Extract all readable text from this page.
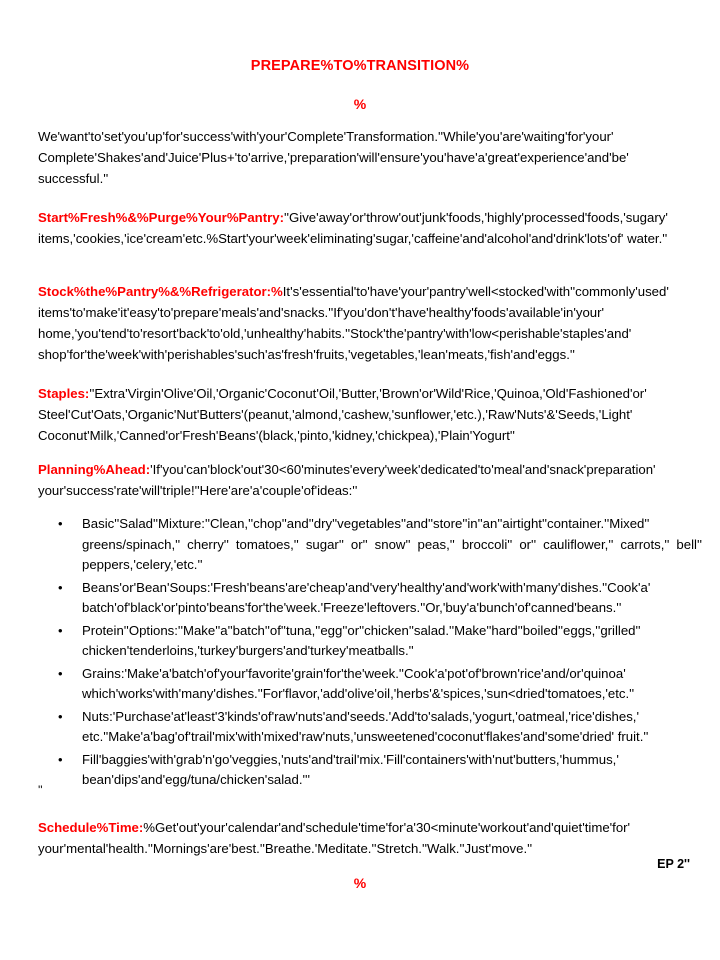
PREPARE%TO%TRANSITION%
%
We'want'to'set'you'up'for'success'with'your'Complete'Transformation.''While'you'are'waiting'for'your' Complete'Shakes'and'Juice'Plus+'to'arrive,'preparation'will'ensure'you'have'a'great'experience'and'be' successful.''
Start%Fresh%&%Purge%Your%Pantry:''Give'away'or'throw'out'junk'foods,'highly'processed'foods,'sugary' items,'cookies,'ice'cream'etc.%Start'your'week'eliminating'sugar,'caffeine'and'alcohol'and'drink'lots'of' water.''
Stock%the%Pantry%&%Refrigerator:%It's'essential'to'have'your'pantry'well<stocked'with''commonly'used' items'to'make'it'easy'to'prepare'meals'and'snacks.''If'you'don't'have'healthy'foods'available'in'your' home,'you'tend'to'resort'back'to'old,'unhealthy'habits.''Stock'the'pantry'with'low<perishable'staples'and' shop'for'the'week'with'perishables'such'as'fresh'fruits,'vegetables,'lean'meats,'fish'and'eggs.''
Staples:''Extra'Virgin'Olive'Oil,'Organic'Coconut'Oil,'Butter,'Brown'or'Wild'Rice,'Quinoa,'Old'Fashioned'or' Steel'Cut'Oats,'Organic'Nut'Butters'(peanut,'almond,'cashew,'sunflower,'etc.),'Raw'Nuts'&'Seeds,'Light' Coconut'Milk,'Canned'or'Fresh'Beans'(black,'pinto,'kidney,'chickpea),'Plain'Yogurt''
Planning%Ahead:'If'you'can'block'out'30<60'minutes'every'week'dedicated'to'meal'and'snack'preparation' your'success'rate'will'triple!''Here'are'a'couple'of'ideas:''
• Basic''Salad''Mixture:''Clean,''chop''and''dry''vegetables''and''store''in''an''airtight''container.''Mixed'' greens/spinach,'' cherry'' tomatoes,'' sugar'' or'' snow'' peas,'' broccoli'' or'' cauliflower,'' carrots,'' bell'' peppers,'celery,'etc.''
• Beans'or'Bean'Soups:'Fresh'beans'are'cheap'and'very'healthy'and'work'with'many'dishes.''Cook'a' batch'of'black'or'pinto'beans'for'the'week.'Freeze'leftovers.''Or,'buy'a'bunch'of'canned'beans.''
• Protein''Options:''Make''a''batch''of''tuna,''egg''or''chicken''salad.''Make''hard''boiled''eggs,''grilled'' chicken'tenderloins,'turkey'burgers'and'turkey'meatballs.''
• Grains:'Make'a'batch'of'your'favorite'grain'for'the'week.''Cook'a'pot'of'brown'rice'and/or'quinoa' which'works'with'many'dishes.''For'flavor,'add'olive'oil,'herbs'&'spices,'sun<dried'tomatoes,'etc.''
• Nuts:'Purchase'at'least'3'kinds'of'raw'nuts'and'seeds.'Add'to'salads,'yogurt,'oatmeal,'rice'dishes,' etc.''Make'a'bag'of'trail'mix'with'mixed'raw'nuts,'unsweetened'coconut'flakes'and'some'dried' fruit.''
• Fill'baggies'with'grab'n'go'veggies,'nuts'and'trail'mix.'Fill'containers'with'nut'butters,'hummus,' bean'dips'and'egg/tuna/chicken'salad.'''
''
Schedule%Time:%Get'out'your'calendar'and'schedule'time'for'a'30<minute'workout'and'quiet'time'for' your'mental'health.''Mornings'are'best.''Breathe.'Meditate.''Stretch.''Walk.''Just'move.''
EP 2''
%
